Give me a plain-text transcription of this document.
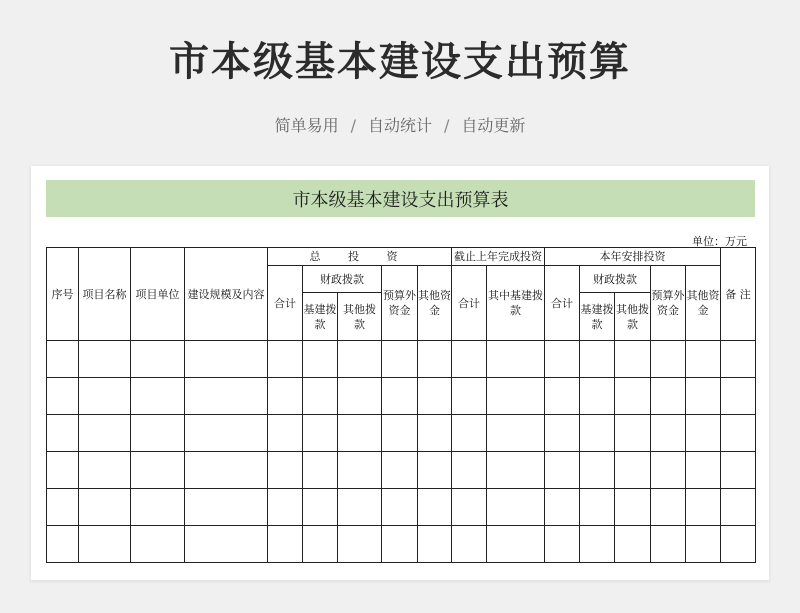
市本级基本建设支出预算
简单易用 / 自动统计 / 自动更新
市本级基本建设支出预算表
单位：万元
序号	项目名称	项目单位	建设规模及内容	总 投 资					截止上年完成投资		本年安排投资					备 注
				合计	财政拨款		预算外资金	其他资金	合计	其中基建拨款	合计	财政拨款		预算外资金	其他资金	
					基建拨款	其他拨款						基建拨款	其他拨款			
